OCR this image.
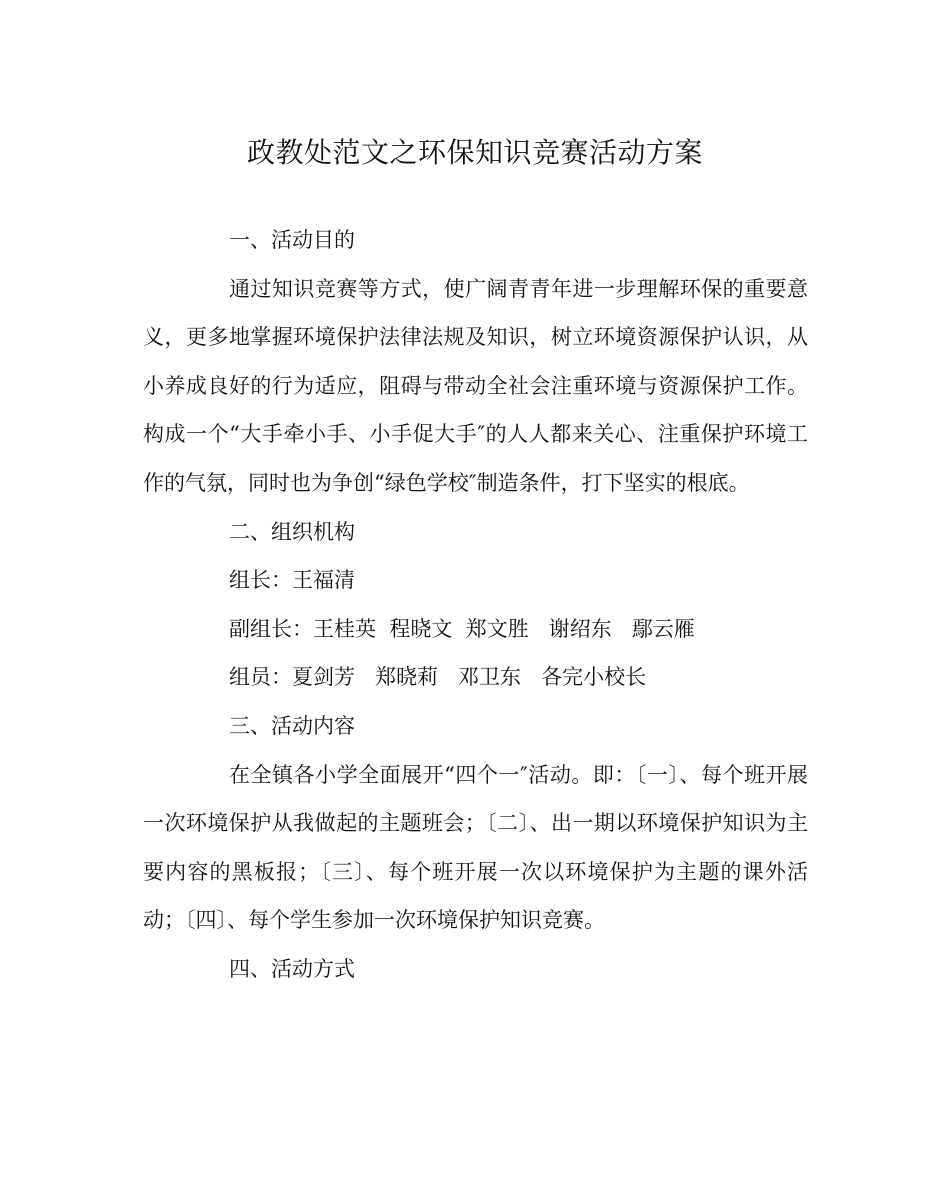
政教处范文之环保知识竞赛活动方案

一、活动目的

通过知识竞赛等方式，使广阔青青年进一步理解环保的重要意义，更多地掌握环境保护法律法规及知识，树立环境资源保护认识，从小养成良好的行为适应，阻碍与带动全社会注重环境与资源保护工作。构成一个“大手牵小手、小手促大手″的人人都来关心、注重保护环境工作的气氛，同时也为争创“绿色学校″制造条件，打下坚实的根底。

二、组织机构

组长：王福清

副组长：王桂英  程晓文  郑文胜   谢绍东   鄢云雁

组员：夏剑芳   郑晓莉   邓卫东   各完小校长

三、活动内容

在全镇各小学全面展开“四个一″活动。即：〔一〕、每个班开展一次环境保护从我做起的主题班会；〔二〕、出一期以环境保护知识为主要内容的黑板报；〔三〕、每个班开展一次以环境保护为主题的课外活动；〔四〕、每个学生参加一次环境保护知识竞赛。

四、活动方式
